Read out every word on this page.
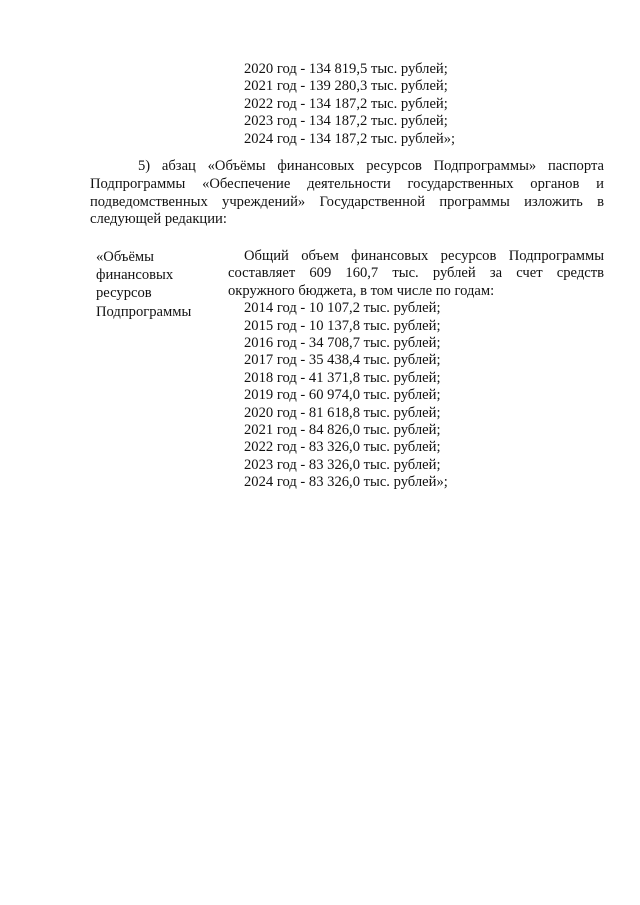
2020 год - 134 819,5 тыс. рублей;
2021 год - 139 280,3 тыс. рублей;
2022 год - 134 187,2 тыс. рублей;
2023 год - 134 187,2 тыс. рублей;
2024 год - 134 187,2 тыс. рублей»;
5) абзац «Объёмы финансовых ресурсов Подпрограммы» паспорта
Подпрограммы «Обеспечение деятельности государственных органов и
подведомственных учреждений» Государственной программы изложить в
следующей редакции:
«Объёмы
финансовых
ресурсов
Подпрограммы
Общий объем финансовых ресурсов Подпрограммы
составляет 609 160,7 тыс. рублей за счет средств
окружного бюджета, в том числе по годам:
2014 год - 10 107,2 тыс. рублей;
2015 год - 10 137,8 тыс. рублей;
2016 год - 34 708,7 тыс. рублей;
2017 год - 35 438,4 тыс. рублей;
2018 год - 41 371,8 тыс. рублей;
2019 год - 60 974,0 тыс. рублей;
2020 год - 81 618,8 тыс. рублей;
2021 год - 84 826,0 тыс. рублей;
2022 год - 83 326,0 тыс. рублей;
2023 год - 83 326,0 тыс. рублей;
2024 год - 83 326,0 тыс. рублей»;
